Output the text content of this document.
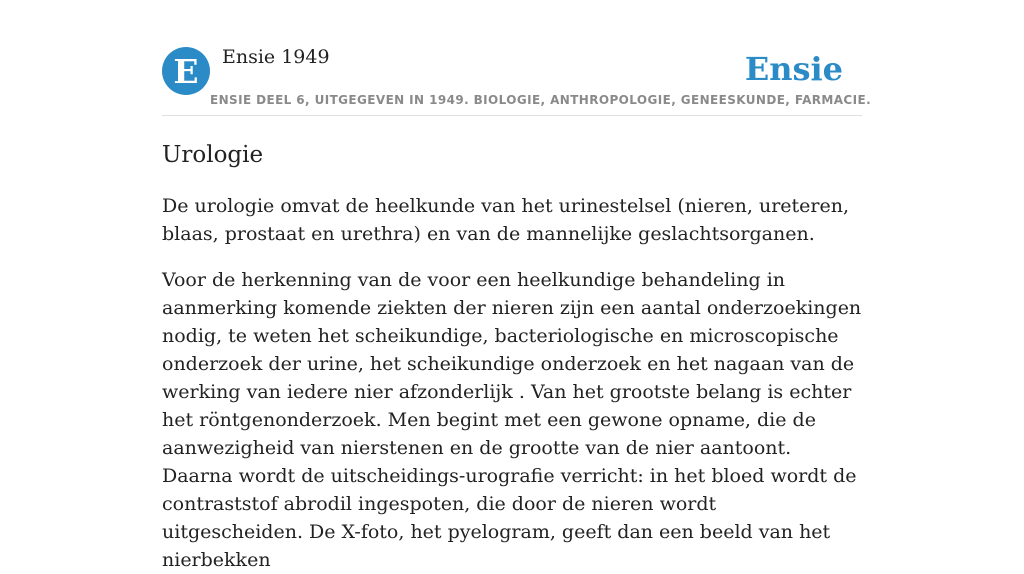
E	Ensie 1949	Ensie
ENSIE DEEL 6, UITGEGEVEN IN 1949. BIOLOGIE, ANTHROPOLOGIE, GENEESKUNDE, FARMACIE.
Urologie

De urologie omvat de heelkunde van het urinestelsel (nieren, ureteren, blaas, prostaat en urethra) en van de mannelijke geslachtsorganen.

Voor de herkenning van de voor een heelkundige behandeling in aanmerking komende ziekten der nieren zijn een aantal onderzoekingen nodig, te weten het scheikundige, bacteriologische en microscopische onderzoek der urine, het scheikundige onderzoek en het nagaan van de werking van iedere nier afzonderlijk . Van het grootste belang is echter het röntgenonderzoek. Men begint met een gewone opname, die de aanwezigheid van nierstenen en de grootte van de nier aantoont. Daarna wordt de uitscheidings-urografie verricht: in het bloed wordt de contraststof abrodil ingespoten, die door de nieren wordt uitgescheiden. De X-foto, het pyelogram, geeft dan een beeld van het nierbekken
